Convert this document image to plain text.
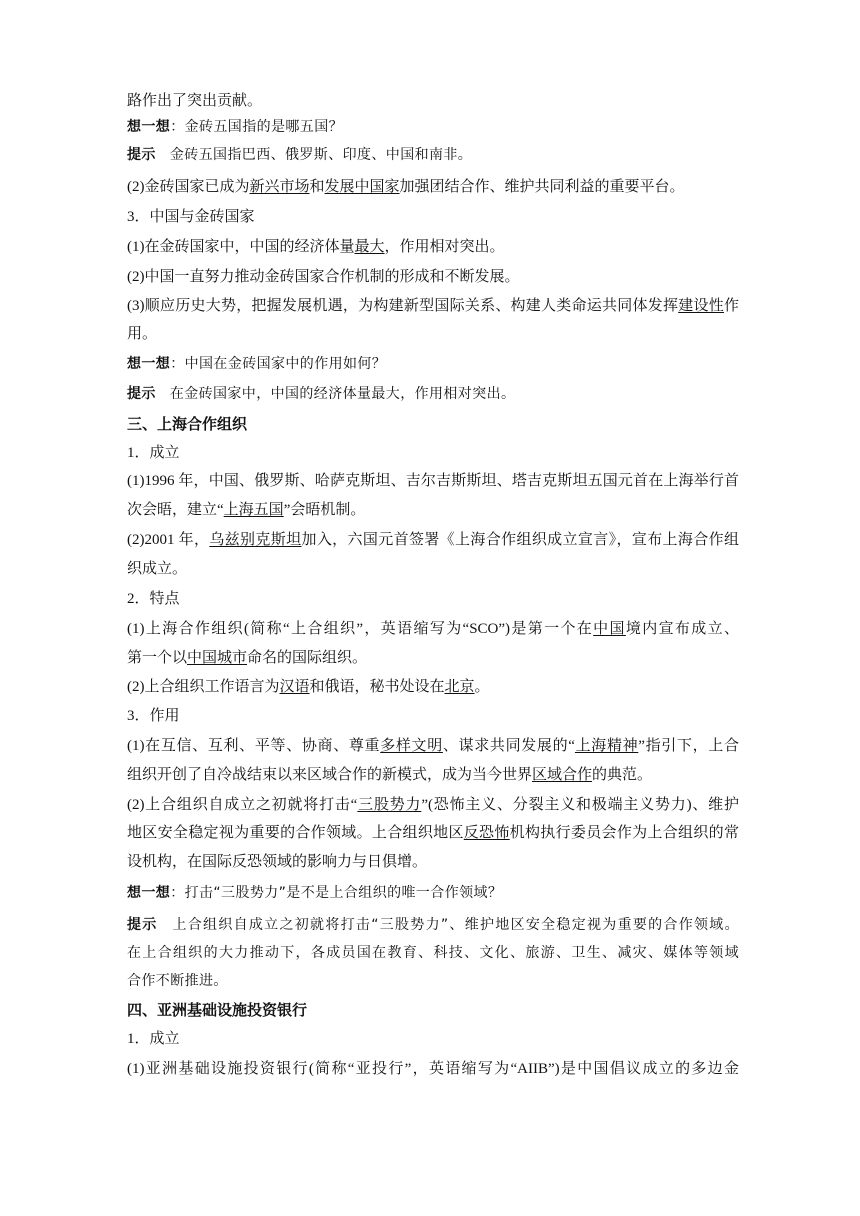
路作出了突出贡献。
想一想：金砖五国指的是哪五国？
提示 金砖五国指巴西、俄罗斯、印度、中国和南非。
(2)金砖国家已成为新兴市场和发展中国家加强团结合作、维护共同利益的重要平台。
3．中国与金砖国家
(1)在金砖国家中，中国的经济体量最大，作用相对突出。
(2)中国一直努力推动金砖国家合作机制的形成和不断发展。
(3)顺应历史大势，把握发展机遇，为构建新型国际关系、构建人类命运共同体发挥建设性作
用。
想一想：中国在金砖国家中的作用如何？
提示 在金砖国家中，中国的经济体量最大，作用相对突出。
三、上海合作组织
1．成立
(1)1996 年，中国、俄罗斯、哈萨克斯坦、吉尔吉斯斯坦、塔吉克斯坦五国元首在上海举行首
次会晤，建立“上海五国”会晤机制。
(2)2001 年，乌兹别克斯坦加入，六国元首签署《上海合作组织成立宣言》，宣布上海合作组
织成立。
2．特点
(1)上海合作组织(简称“上合组织”，英语缩写为“SCO”)是第一个在中国境内宣布成立、
第一个以中国城市命名的国际组织。
(2)上合组织工作语言为汉语和俄语，秘书处设在北京。
3．作用
(1)在互信、互利、平等、协商、尊重多样文明、谋求共同发展的“上海精神”指引下，上合
组织开创了自冷战结束以来区域合作的新模式，成为当今世界区域合作的典范。
(2)上合组织自成立之初就将打击“三股势力”(恐怖主义、分裂主义和极端主义势力)、维护
地区安全稳定视为重要的合作领域。上合组织地区反恐怖机构执行委员会作为上合组织的常
设机构，在国际反恐领域的影响力与日俱增。
想一想：打击“三股势力”是不是上合组织的唯一合作领域？
提示 上合组织自成立之初就将打击“三股势力”、维护地区安全稳定视为重要的合作领域。
在上合组织的大力推动下，各成员国在教育、科技、文化、旅游、卫生、减灾、媒体等领域
合作不断推进。
四、亚洲基础设施投资银行
1．成立
(1)亚洲基础设施投资银行(简称“亚投行”，英语缩写为“AIIB”)是中国倡议成立的多边金
